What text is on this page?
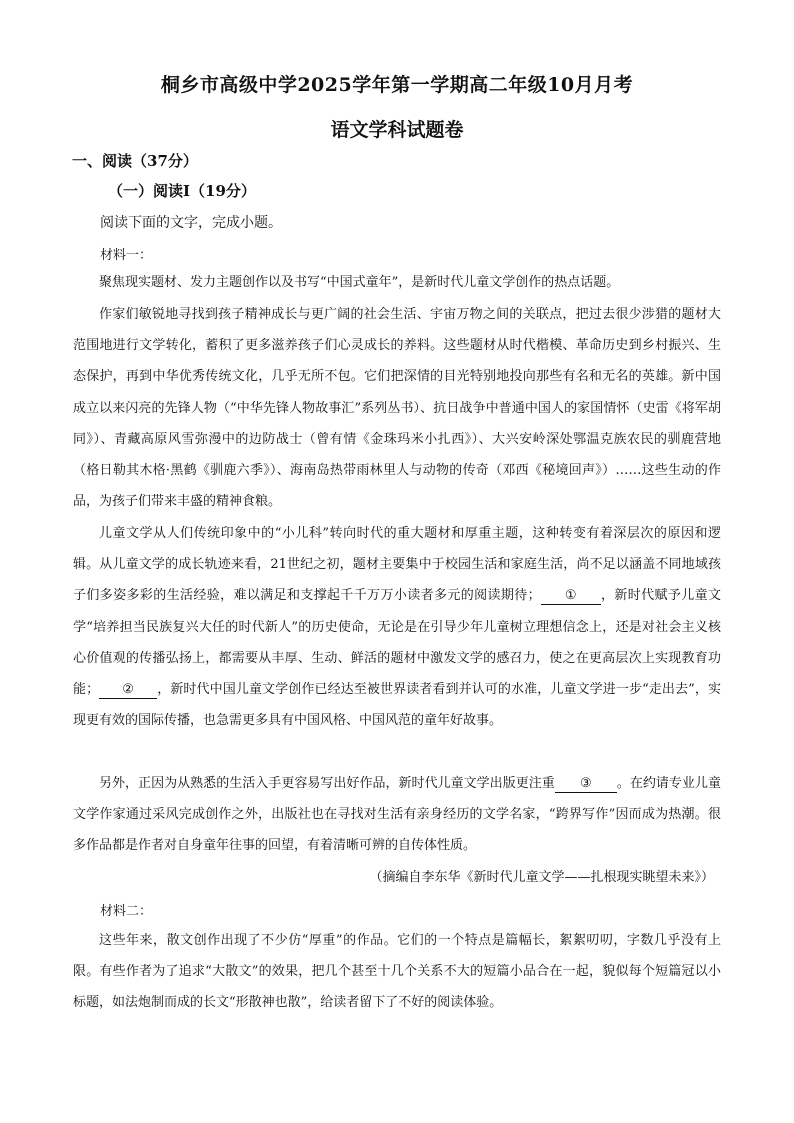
桐乡市高级中学2025学年第一学期高二年级10月月考
语文学科试题卷
一、阅读（37分）
（一）阅读Ⅰ（19分）
阅读下面的文字，完成小题。
材料一：

聚焦现实题材、发力主题创作以及书写“中国式童年”，是新时代儿童文学创作的热点话题。

作家们敏锐地寻找到孩子精神成长与更广阔的社会生活、宇宙万物之间的关联点，把过去很少涉猎的题材大范围地进行文学转化，蓄积了更多滋养孩子们心灵成长的养料。这些题材从时代楷模、革命历史到乡村振兴、生态保护，再到中华优秀传统文化，几乎无所不包。它们把深情的目光特别地投向那些有名和无名的英雄。新中国成立以来闪亮的先锋人物（“中华先锋人物故事汇”系列丛书）、抗日战争中普通中国人的家国情怀（史雷《将军胡同》）、青藏高原风雪弥漫中的边防战士（曾有情《金珠玛米小扎西》）、大兴安岭深处鄂温克族农民的驯鹿营地（格日勒其木格·黑鹤《驯鹿六季》）、海南岛热带雨林里人与动物的传奇（邓西《秘境回声》）……这些生动的作品，为孩子们带来丰盛的精神食粮。

儿童文学从人们传统印象中的“小儿科”转向时代的重大题材和厚重主题，这种转变有着深层次的原因和逻辑。从儿童文学的成长轨迹来看，21世纪之初，题材主要集中于校园生活和家庭生活，尚不足以涵盖不同地域孩子们多姿多彩的生活经验，难以满足和支撑起千千万万小读者多元的阅读期待； ① ，新时代赋予儿童文学“培养担当民族复兴大任的时代新人”的历史使命，无论是在引导少年儿童树立理想信念上，还是对社会主义核心价值观的传播弘扬上，都需要从丰厚、生动、鲜活的题材中激发文学的感召力，使之在更高层次上实现教育功能； ② ，新时代中国儿童文学创作已经达至被世界读者看到并认可的水准，儿童文学进一步“走出去”，实现更有效的国际传播，也急需更多具有中国风格、中国风范的童年好故事。

另外，正因为从熟悉的生活入手更容易写出好作品，新时代儿童文学出版更注重 ③ 。在约请专业儿童文学作家通过采风完成创作之外，出版社也在寻找对生活有亲身经历的文学名家，“跨界写作”因而成为热潮。很多作品都是作者对自身童年往事的回望，有着清晰可辨的自传体性质。

（摘编自李东华《新时代儿童文学——扎根现实眺望未来》）
材料二：

这些年来，散文创作出现了不少仿“厚重”的作品。它们的一个特点是篇幅长，絮絮叨叨，字数几乎没有上限。有些作者为了追求“大散文”的效果，把几个甚至十几个关系不大的短篇小品合在一起，貌似每个短篇冠以小标题，如法炮制而成的长文“形散神也散”，给读者留下了不好的阅读体验。
